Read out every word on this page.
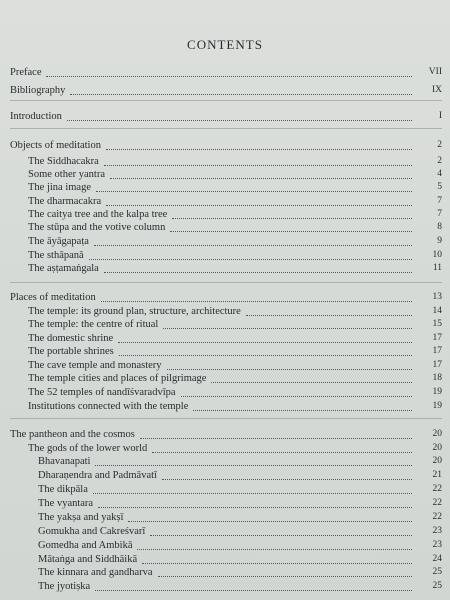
CONTENTS
Preface	VII
Bibliography	IX
Introduction	I
Objects of meditation	2
The Siddhacakra	2
Some other yantra	4
The jina image	5
The dharmacakra	7
The caitya tree and the kalpa tree	7
The stūpa and the votive column	8
The āyāgapaṭa	9
The sthāpanā	10
The aṣṭamaṅgala	11
Places of meditation	13
The temple: its ground plan, structure, architecture	14
The temple: the centre of ritual	15
The domestic shrine	17
The portable shrines	17
The cave temple and monastery	17
The temple cities and places of pilgrimage	18
The 52 temples of nandīśvaradvīpa	19
Institutions connected with the temple	19
The pantheon and the cosmos	20
The gods of the lower world	20
Bhavanapati	20
Dharaṇendra and Padmāvatī	21
The dikpāla	22
The vyantara	22
The yakṣa and yakṣī	22
Gomukha and Cakreśvarī	23
Gomedha and Ambikā	23
Mātaṅga and Siddhāikā	24
The kinnara and gandharva	25
The jyotiṣka	25
